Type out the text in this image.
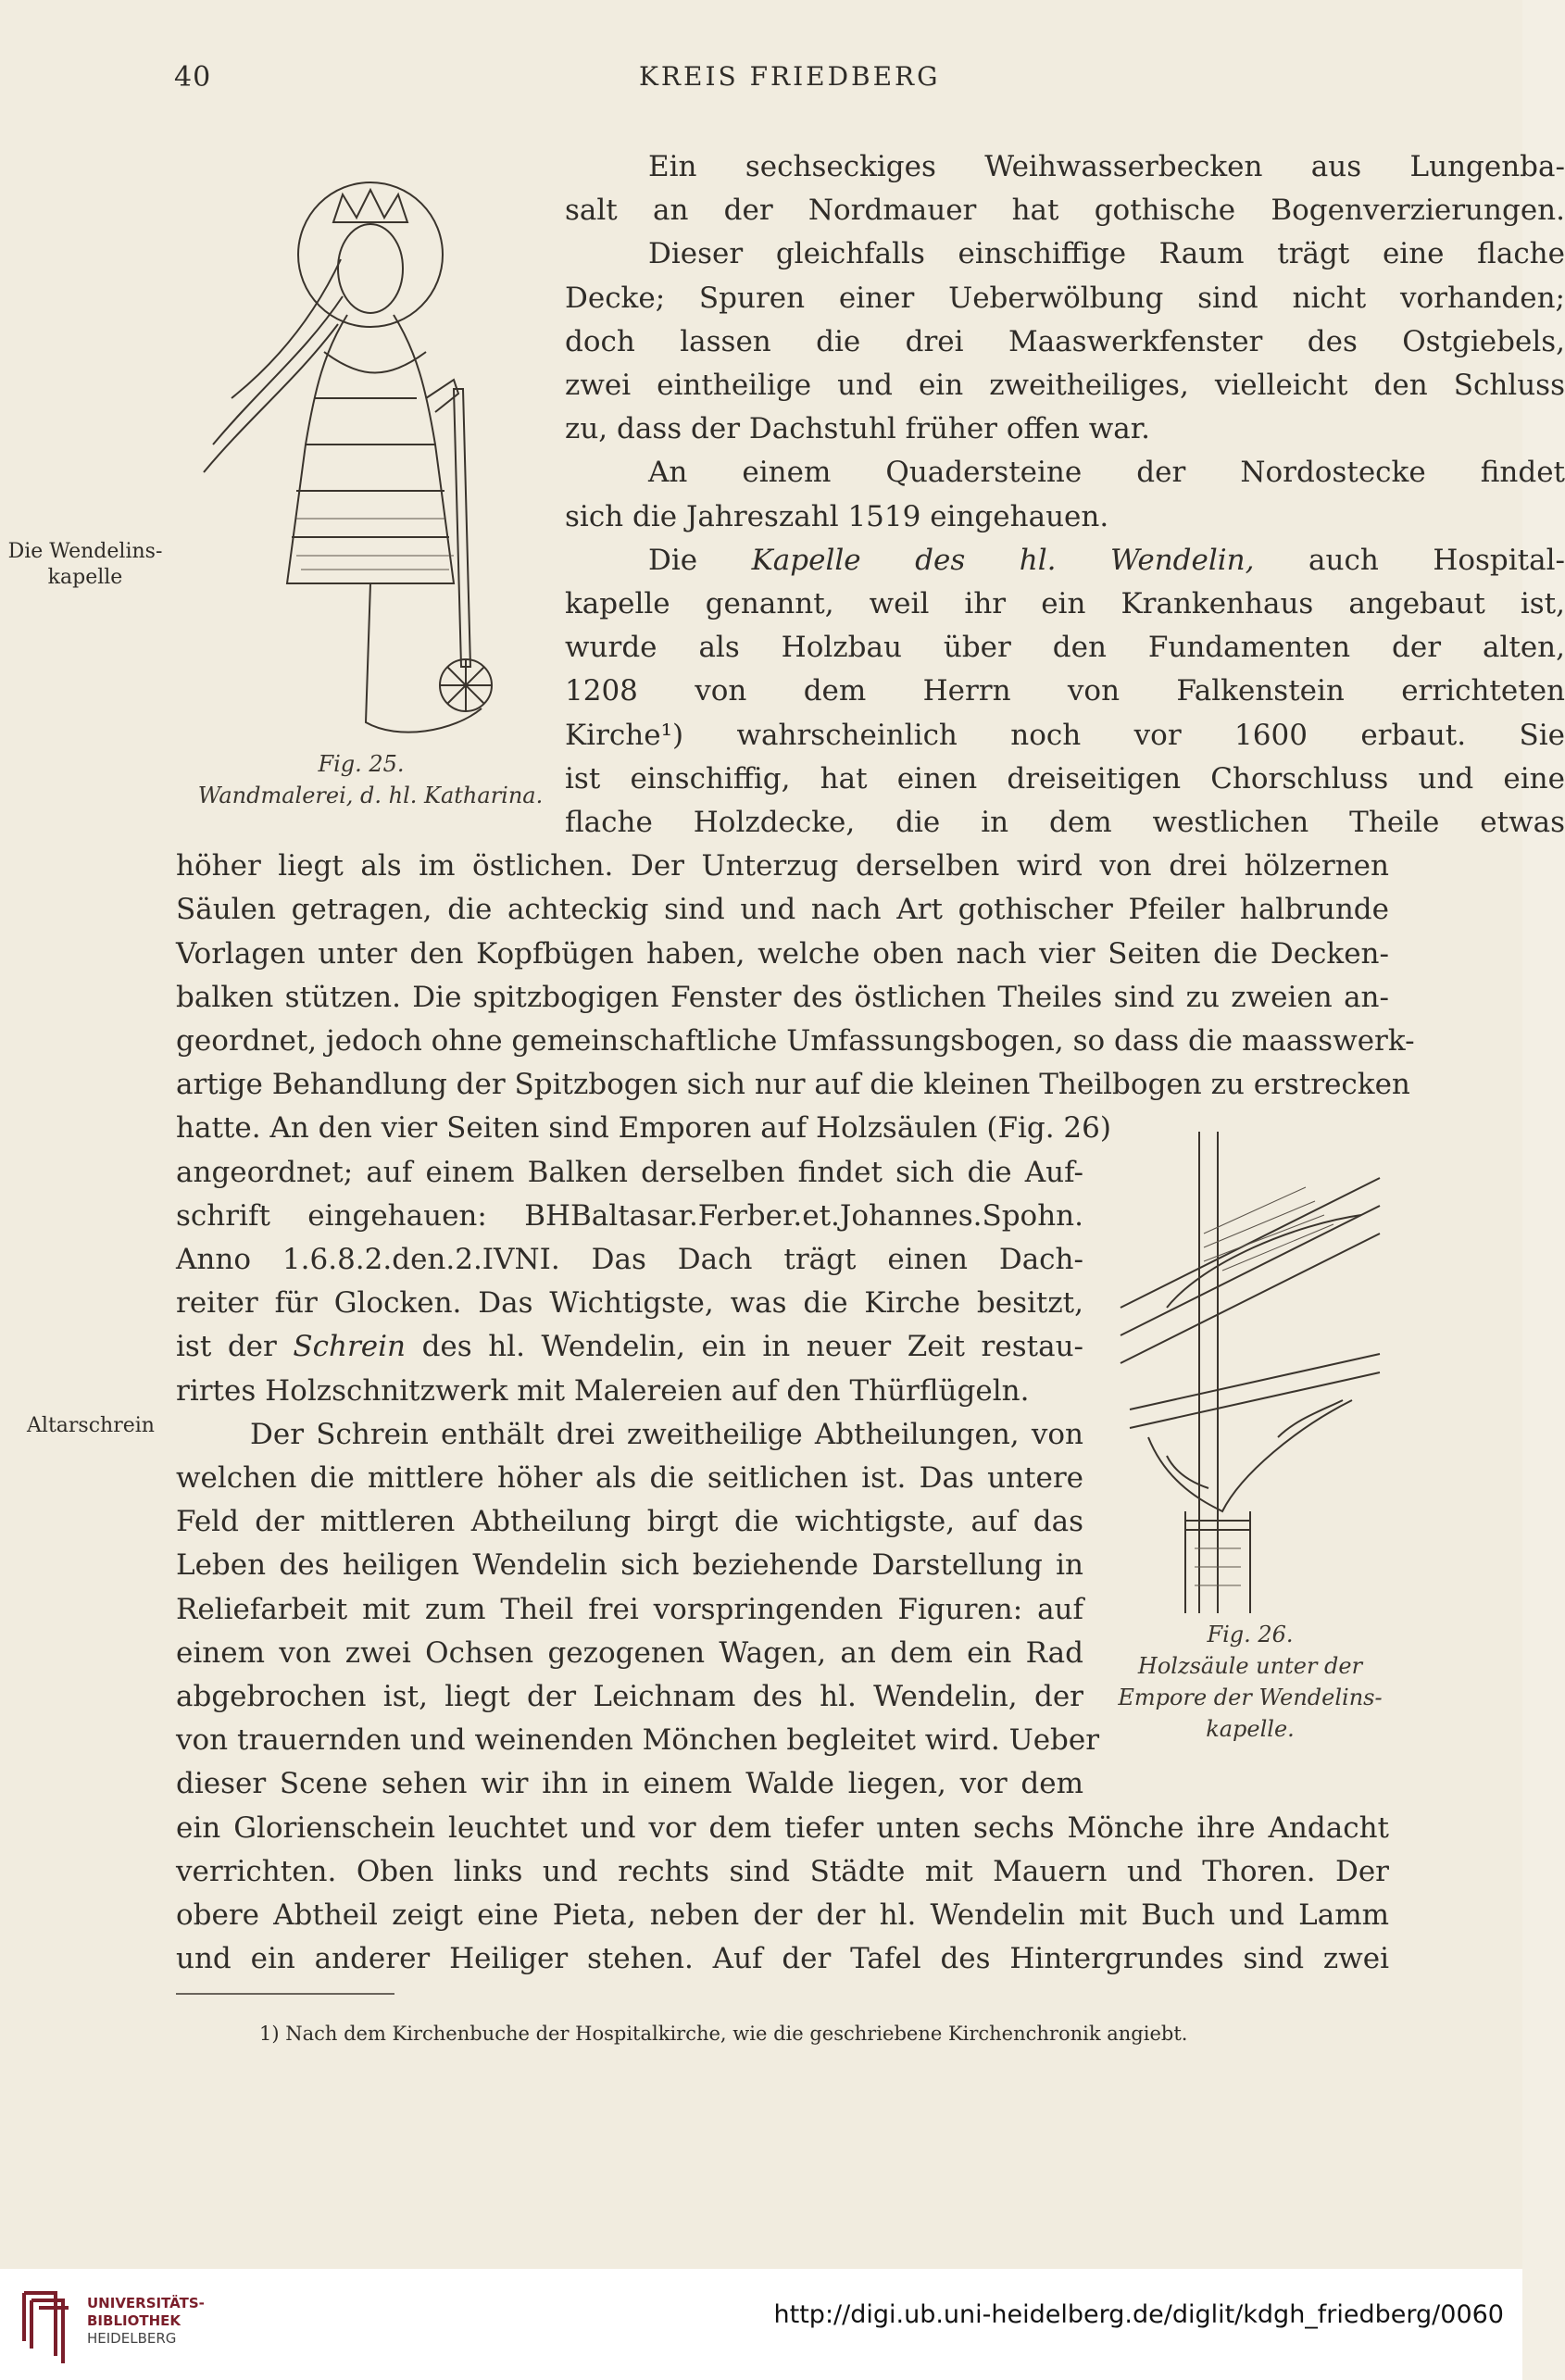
40	KREIS FRIEDBERG
Fig. 25.
Wandmalerei, d. hl. Katharina.
Fig. 26.
Holzsäule unter der
Empore der Wendelins-
kapelle.
Die Wendelins-
kapelle
Altarschrein
Ein sechseckiges Weihwasserbecken aus Lungenba-
salt an der Nordmauer hat gothische Bogenverzierungen.
Dieser gleichfalls einschiffige Raum trägt eine flache
Decke; Spuren einer Ueberwölbung sind nicht vorhanden;
doch lassen die drei Maaswerkfenster des Ostgiebels,
zwei eintheilige und ein zweitheiliges, vielleicht den Schluss
zu, dass der Dachstuhl früher offen war.
An einem Quadersteine der Nordostecke findet
sich die Jahreszahl 1519 eingehauen.
Die Kapelle des hl. Wendelin, auch Hospital-
kapelle genannt, weil ihr ein Krankenhaus angebaut ist,
wurde als Holzbau über den Fundamenten der alten,
1208 von dem Herrn von Falkenstein errichteten
Kirche¹) wahrscheinlich noch vor 1600 erbaut. Sie
ist einschiffig, hat einen dreiseitigen Chorschluss und eine
flache Holzdecke, die in dem westlichen Theile etwas
höher liegt als im östlichen. Der Unterzug derselben wird von drei hölzernen
Säulen getragen, die achteckig sind und nach Art gothischer Pfeiler halbrunde
Vorlagen unter den Kopfbügen haben, welche oben nach vier Seiten die Decken-
balken stützen. Die spitzbogigen Fenster des östlichen Theiles sind zu zweien an-
geordnet, jedoch ohne gemeinschaftliche Umfassungsbogen, so dass die maasswerk-
artige Behandlung der Spitzbogen sich nur auf die kleinen Theilbogen zu erstrecken
hatte. An den vier Seiten sind Emporen auf Holzsäulen (Fig. 26)
angeordnet; auf einem Balken derselben findet sich die Auf-
schrift eingehauen: BHBaltasar.Ferber.et.Johannes.Spohn.
Anno 1.6.8.2.den.2.IVNI. Das Dach trägt einen Dach-
reiter für Glocken. Das Wichtigste, was die Kirche besitzt,
ist der Schrein des hl. Wendelin, ein in neuer Zeit restau-
rirtes Holzschnitzwerk mit Malereien auf den Thürflügeln.
Der Schrein enthält drei zweitheilige Abtheilungen, von
welchen die mittlere höher als die seitlichen ist. Das untere
Feld der mittleren Abtheilung birgt die wichtigste, auf das
Leben des heiligen Wendelin sich beziehende Darstellung in
Reliefarbeit mit zum Theil frei vorspringenden Figuren: auf
einem von zwei Ochsen gezogenen Wagen, an dem ein Rad
abgebrochen ist, liegt der Leichnam des hl. Wendelin, der
von trauernden und weinenden Mönchen begleitet wird. Ueber
dieser Scene sehen wir ihn in einem Walde liegen, vor dem
ein Glorienschein leuchtet und vor dem tiefer unten sechs Mönche ihre Andacht
verrichten. Oben links und rechts sind Städte mit Mauern und Thoren. Der
obere Abtheil zeigt eine Pieta, neben der der hl. Wendelin mit Buch und Lamm
und ein anderer Heiliger stehen. Auf der Tafel des Hintergrundes sind zwei
1) Nach dem Kirchenbuche der Hospitalkirche, wie die geschriebene Kirchenchronik angiebt.
UNIVERSITÄTS-
BIBLIOTHEK
HEIDELBERG
http://digi.ub.uni-heidelberg.de/diglit/kdgh_friedberg/0060
